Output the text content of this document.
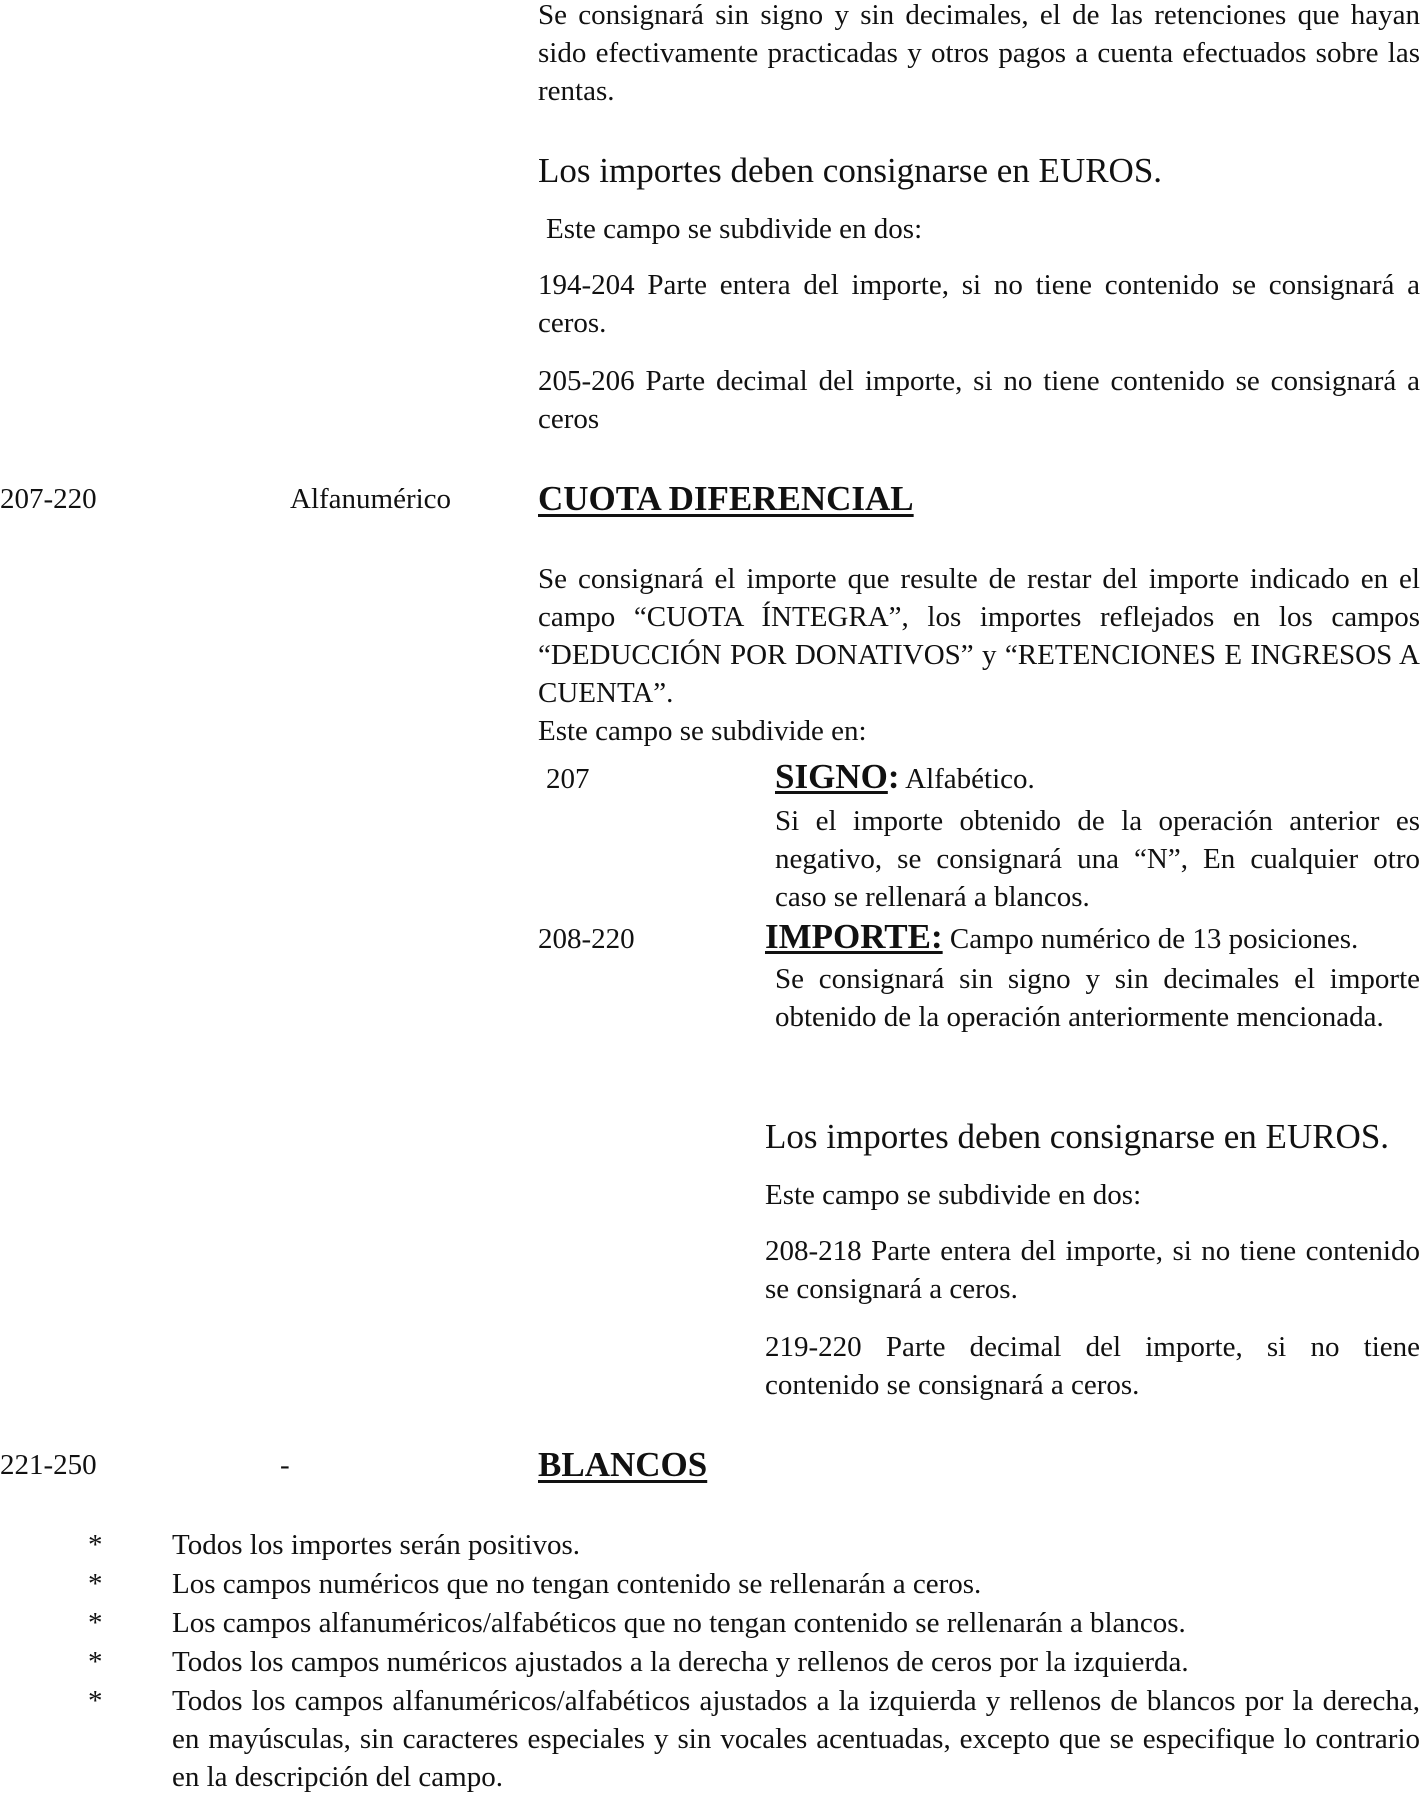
Se consignará sin signo y sin decimales, el de las retenciones que hayan sido efectivamente practicadas y otros pagos a cuenta efectuados sobre las rentas.
Los importes deben consignarse en EUROS.
Este campo se subdivide en dos:
194-204 Parte entera del importe, si no tiene contenido se consignará a ceros.
205-206 Parte decimal del importe, si no tiene contenido se consignará a ceros
207-220	Alfanumérico CUOTA DIFERENCIAL
Se consignará el importe que resulte de restar del importe indicado en el campo “CUOTA ÍNTEGRA”, los importes reflejados en los campos “DEDUCCIÓN POR DONATIVOS” y “RETENCIONES E INGRESOS A CUENTA”.
Este campo se subdivide en:
207	SIGNO: Alfabético.
Si el importe obtenido de la operación anterior es negativo, se consignará una “N”, En cualquier otro caso se rellenará a blancos.
208-220	IMPORTE: Campo numérico de 13 posiciones.
Se consignará sin signo y sin decimales el importe obtenido de la operación anteriormente mencionada.
Los importes deben consignarse en EUROS.
Este campo se subdivide en dos:
208-218 Parte entera del importe, si no tiene contenido se consignará a ceros.
219-220 Parte decimal del importe, si no tiene contenido se consignará a ceros.
221-250	-	BLANCOS
* Todos los importes serán positivos.
* Los campos numéricos que no tengan contenido se rellenarán a ceros.
* Los campos alfanuméricos/alfabéticos que no tengan contenido se rellenarán a blancos.
* Todos los campos numéricos ajustados a la derecha y rellenos de ceros por la izquierda.
* Todos los campos alfanuméricos/alfabéticos ajustados a la izquierda y rellenos de blancos por la derecha, en mayúsculas, sin caracteres especiales y sin vocales acentuadas, excepto que se especifique lo contrario en la descripción del campo.
